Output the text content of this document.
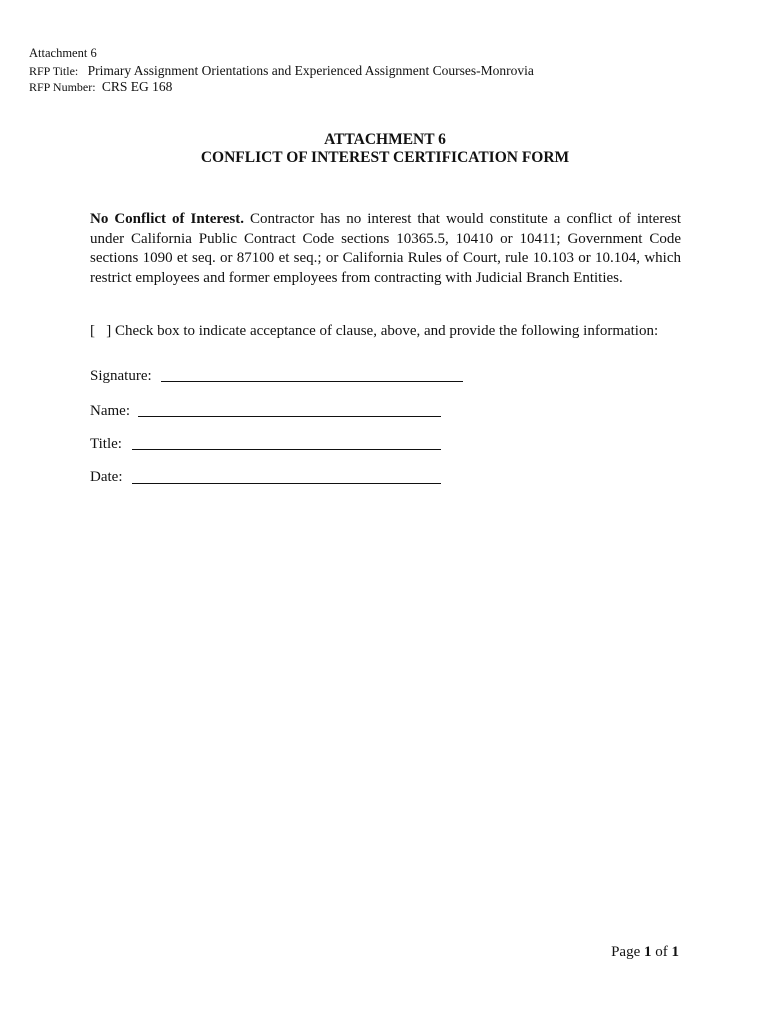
Attachment 6
RFP Title: Primary Assignment Orientations and Experienced Assignment Courses-Monrovia
RFP Number: CRS EG 168
ATTACHMENT 6
CONFLICT OF INTEREST CERTIFICATION FORM
No Conflict of Interest. Contractor has no interest that would constitute a conflict of interest under California Public Contract Code sections 10365.5, 10410 or 10411; Government Code sections 1090 et seq. or 87100 et seq.; or California Rules of Court, rule 10.103 or 10.104, which restrict employees and former employees from contracting with Judicial Branch Entities.
[   ] Check box to indicate acceptance of clause, above, and provide the following information:
Signature:
Name:
Title:
Date:
Page 1 of 1
